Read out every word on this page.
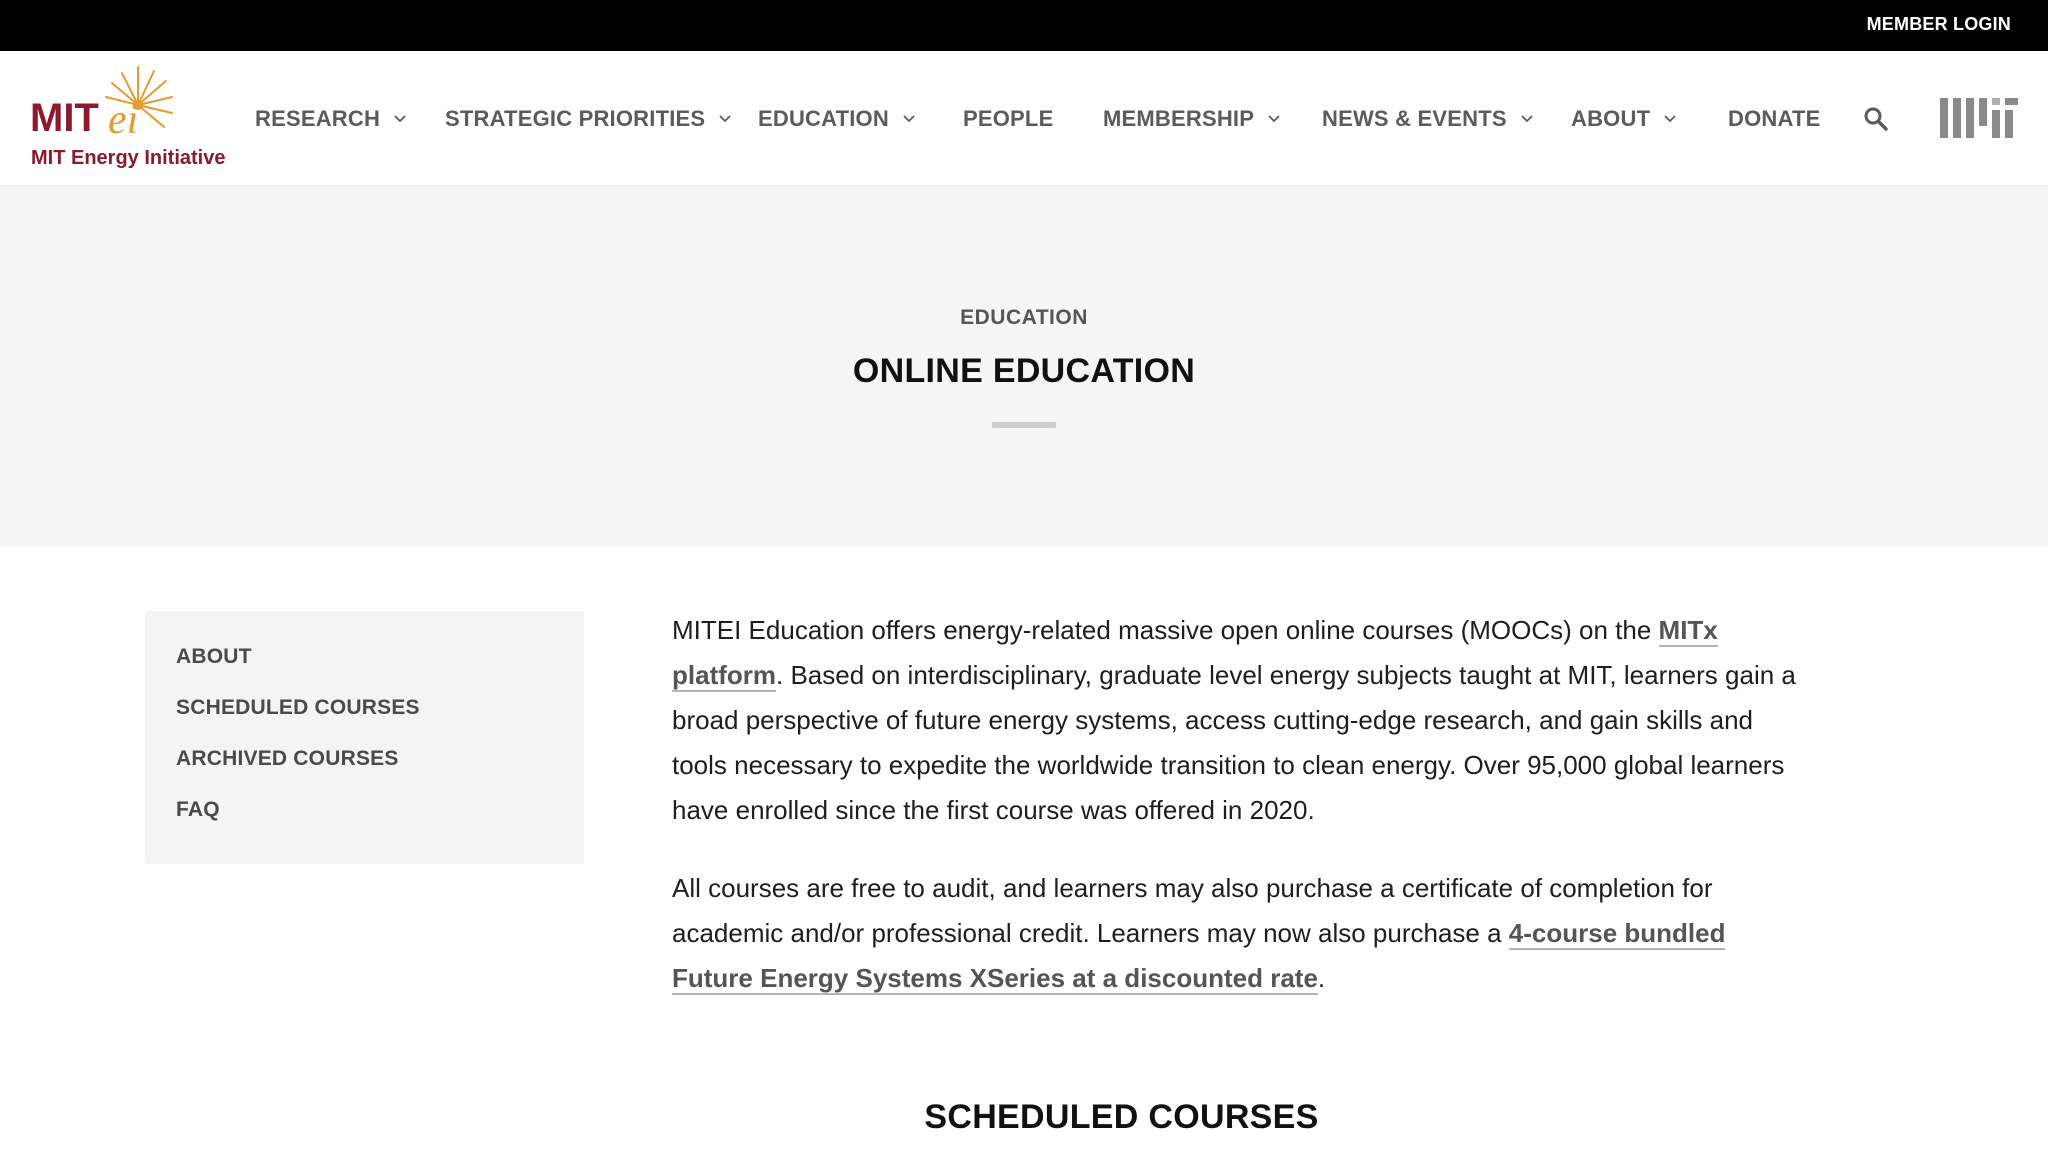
MEMBER LOGIN
MIT ei
MIT Energy Initiative
RESEARCH	STRATEGIC PRIORITIES EDUCATION	PEOPLE MEMBERSHIP	NEWS & EVENTS	ABOUT	DONATE
EDUCATION
ONLINE EDUCATION
ABOUT
SCHEDULED COURSES
ARCHIVED COURSES
FAQ

MITEI Education offers energy-related massive open online courses (MOOCs) on the MITx platform. Based on interdisciplinary, graduate level energy subjects taught at MIT, learners gain a broad perspective of future energy systems, access cutting-edge research, and gain skills and tools necessary to expedite the worldwide transition to clean energy. Over 95,000 global learners have enrolled since the first course was offered in 2020.

All courses are free to audit, and learners may also purchase a certificate of completion for academic and/or professional credit. Learners may now also purchase a 4-course bundled Future Energy Systems XSeries at a discounted rate.

SCHEDULED COURSES
